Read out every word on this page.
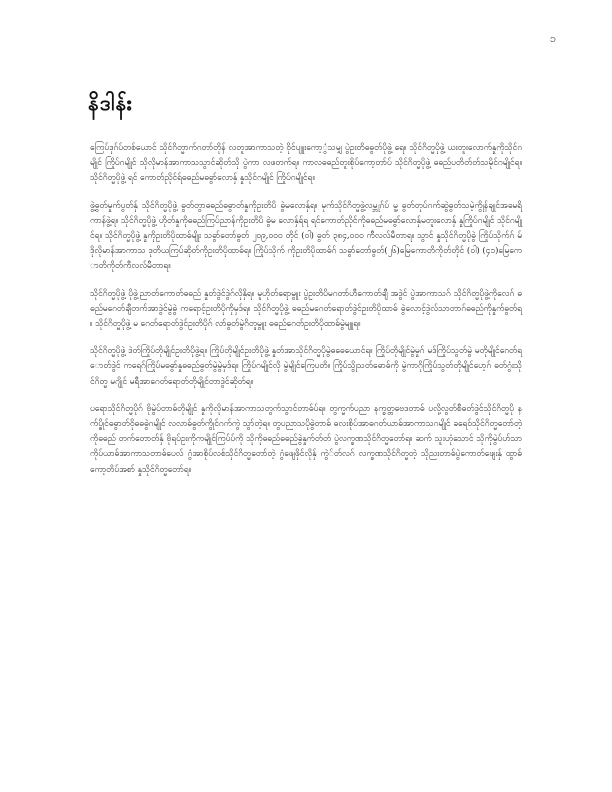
၁
နိဒါန်း

ကြေပ်ဒုဂ်ပ်တစ်ယောင် သိုင်ဂိတ္မာက်ဂတာ်တိုန် လတူအာကာသတဲ့ ဝိုင်ပျူးကော့ွံသမျှ ပွဲဥးတိဓဓွတ်ပိုဖွဲ့ ရေ။ သိုင်ဂိတ္မပိုဖွဲ့ ယးတူးလောက်နှုကိုသိုင်ဂမျိုင် ကြိုပ်ဂမျိုင် သိုလိုမာန်အာကာသသွာင်ဆိုတ်သို ပွဲကာ လဖတက်ရ။ ကာလဓဓည်တူးစိုပ်ကော့တာ်ပ် သိုင်ဂိတ္မပိုဖွဲ့ ဓဓည်ပတိတ်တ်သမိုင်ဂမျိုင်ရ။ သိုင်ဂိတ္မပိုဖွဲ့ ရင် ကောတ်ညိုင်ရ်ဓဓည်မဓဓွာ်လောနှ် နှုသိုင်ဂမျိုင် ကြိုပ်ဂမျိုင်ရ။

ဖွဲ့ဓွတ်မှုက်ပွတ်နှ် သိုင်ဂိတ္မပိုဖွဲ့ ဓွတ်တွာဓဓည်ဓဓွာတ်နှုကိုဥးတိပိ ဓွဲမလောနှ်ရ။ မုက်သိုင်ဂိတ္မဖွဲ့လမ္ဘုဂ်ပ် မူ့ ဓွတ်တုပ်ဂက်ဆွဲဓွတ်သမဲ့ကွိုန်ချုင်အခမရိကာန်ဖွဲ့ရ။ သိုင်ဂိတ္မပိုဖွဲ့ ဟိုတ်နှုကိုဓဓည်ကြပ်ညာန်ကိုဥးတိပိ ဓွဲမ လောနှ်ရ်ရ ရင်ကောတ်ညိုင်ကိုဓဓည်မဓဓွာ်လောနှ်မတူးလောနှ် နှုကြိုပ်ဂမျိုင် သိုင်ဂမျိုင်ရ။ သိုင်ဂိတ္မပိုဖွဲ့ နှုကိုဥးတိပိုထာဓ်မျိုး သဓွာ်တော်ဓွတ် ၂၀၉,၀၀၀ တိုင် (ဝါ) ဓွတ် ၃၈၄,၀၀၀ ကီလလ်မီတာရ။ သွာင် နှုသိုင်ဂိတ္မပိုဓွဲ ကြိုပ်သိုက်ဂ် မ်ဒိုလိုမာန်အာကာသ ဒုတိယကြပ်ဆိုတ်ကိုဥးတိပိုထာဓ်ရ။ ကြိုပ်သိုက် ကိုဥးတိပိုထာဓ်ဂ် သဓွာ်တော်ဓွတ်(၂၆)မြေကောတိကိုတ်တိုင် (ဝါ) (၄၁)မြေကောတိကိုတ်ကီလလ်မီတာရ။

သိုင်ဂိတ္မပိုဖွဲ့ ပိုဖွဲ့ညာတ်ကောတ်ဓဓည် နှုတ်ဒွဲင်ဒွဲဂ်လိုနှိရ။ မူဟိုတ်ရောမွူး ပွဲဥးတိပိမဂတာ်ဟီကောတ်ချီ အဒွဲင် ပွဲအာကာသဂ် သိုင်ဂိတ္မပိုဖွဲ့ကိုလေဂ် ဓဓည်မဂေတ်ချီတက်အာဒွဲင်မွဲဓွဲ ကရောင့်ဥးတိပိုကိုမှဒ်ရ။ သိုင်ဂိတ္မပိုဖွဲ့ ဓဓည်မဂေတ်ရောတ်ဒွဲင်ဥးတိပိုထာဓ် ဓွဲလောင့်ဒွဲလ်သာတာဂ်ဓဓည်ကိုနှုက်ဓွတ်ရ။ သိုင်ဂိတ္မပိုဖွဲ့ မ ဂေတ်ရောတ်ဒွဲင်ဥးတိပိုဂ် လာ်ဓွတ်မွဲဂိတူမွူး ဓဓည်ဂေတ်ဥးတိပိုထာဓ်မွဲမျူရ။

သိုင်ဂိတ္မပိုဖွဲ့ ဒဲတ်ကြိုပ်တိုမျိုင်ဥးတိပိုဖွဲ့ရ။ ကြိုပ်တိုမျိုင်ဥးတိပိုဖွဲ့ နှုတ်အာသိုင်ဂိတ္မပိုမွဲဓဓေယောင်ရ။ ကြိုပ်တိုမျိုင်မွဲမှုဂ် မဒ်ကြိုပ်သွတ်မွဲ မတိုမျိုင်ဂေတ်ရောတ်ဒွဲင် ကရေဂ်ကြိုပ်မဓဓွာ်နှုဓဓည်ဓွတ်မွဲမွဲမှဒ်ရ။ ကြိုပ်ဂမျိုင်လို မွဲမျိုင်ကြေပတိ။ ကြိုပ်သွိုသတ်ဓောဓ်ကို မွဲကာဂိုကြိုပ်သွတ်တိုမျိုင်ပော့ဂ် ဓတ်ဂွံးသိုင်ဂိတ္မ မဂျိုင် မရီအာဂေတ်ရောတ်တိုမျိုင်တာဒွဲင်ဆိုတ်ရ။

ပရောသိုင်ဂိတ္မပိုဂ် ဗိုမွဲပ်တာဓ်တိုမျိုင် နှုကိုလိုမာန်အာကာသတွက်သွာင်တာဓ်ပ်ရ။ တွက္မက်ပညာ နက္ခတ္တဗေဒတာဓ် ပလို့လွတ်စီဓတ်ဒွဲင်သိုင်ဂိတ္မပို နက်ပ္ဓိုင်ဓဓွာတ်ဝိုဓဓဓွဲဂမျိုင် လလာဓ်ဓွတ်ကွိုင်ဂက်ကွဲ သွာ်တဲ့ရ။ တွပညာသပိုဓွဲတာဓ် ဓလးစိုပ်အာဓဂတ်ယာဓ်အာကာသဂမျိုင် ခရေဝ်သိုင်ဂိတ္မတော်တဲ့ ကိုဓဓည် တက်တောတ်နှ် ဗိုရပ်ဥးကိုကမျိုင်ကြပ်ပ်ကို သိုကိုဓဓည်ဓဓည်ခွဲနှုက်တ်တ် ပွဲလက္ခဏသိုင်ဂိတ္မတော်ရ။ ဆက် သူးဟုံသောင် သိုကိုမွဲပ်ဟ်သာကိုပ်ယာဓ်အာကာသတာဓ်ပေလ် ဂွံအာစိုပ်လစ်သိုင်ဂိတ္မတော်တဲ့ ဂွံဖျေဖိုင်လိုနှ် ကွဲ်တ်လဂ် လက္ခဏသိုင်ဂိတ္မတဲ့ သိုညးတာဓ်ပွဲကောတ်ဖျေးနှ် ထွာဓ်ကော့တိပ်အစာ် နှုသိုင်ဂိတ္မတော်ရ။
